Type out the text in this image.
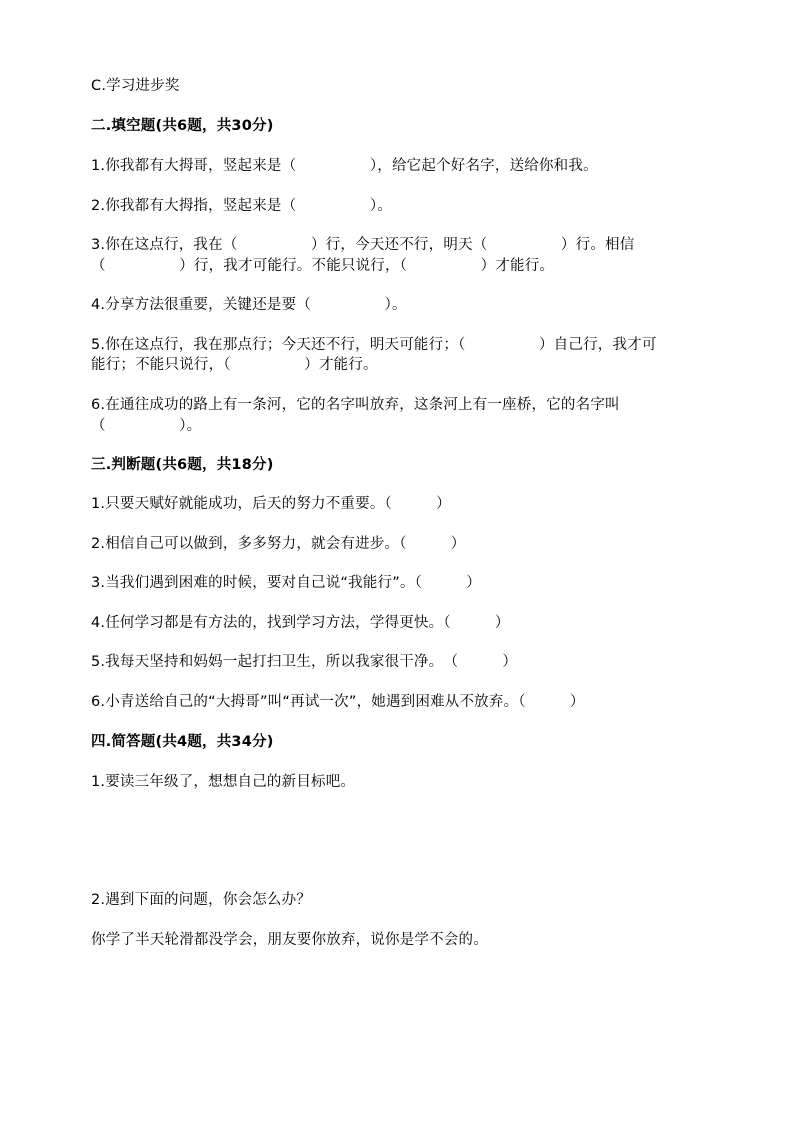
C.学习进步奖
二.填空题(共6题，共30分)
1.你我都有大拇哥，竖起来是（　　　　　），给它起个好名字，送给你和我。
2.你我都有大拇指，竖起来是（　　　　　）。
3.你在这点行，我在（　　　　　）行，今天还不行，明天（　　　　　）行。相信
（　　　　　）行，我才可能行。不能只说行，（　　　　　）才能行。
4.分享方法很重要，关键还是要（　　　　　）。
5.你在这点行，我在那点行；今天还不行，明天可能行；（　　　　　）自己行，我才可
能行；不能只说行，（　　　　　）才能行。
6.在通往成功的路上有一条河，它的名字叫放弃，这条河上有一座桥，它的名字叫
（　　　　　）。
三.判断题(共6题，共18分)
1.只要天赋好就能成功，后天的努力不重要。（　　　）
2.相信自己可以做到，多多努力，就会有进步。（　　　）
3.当我们遇到困难的时候，要对自己说“我能行”。（　　　）
4.任何学习都是有方法的，找到学习方法，学得更快。（　　　）
5.我每天坚持和妈妈一起打扫卫生，所以我家很干净。　（　　　）
6.小青送给自己的“大拇哥”叫“再试一次”，她遇到困难从不放弃。（　　　）
四.简答题(共4题，共34分)
1.要读三年级了，想想自己的新目标吧。
2.遇到下面的问题，你会怎么办？
你学了半天轮滑都没学会，朋友要你放弃，说你是学不会的。
